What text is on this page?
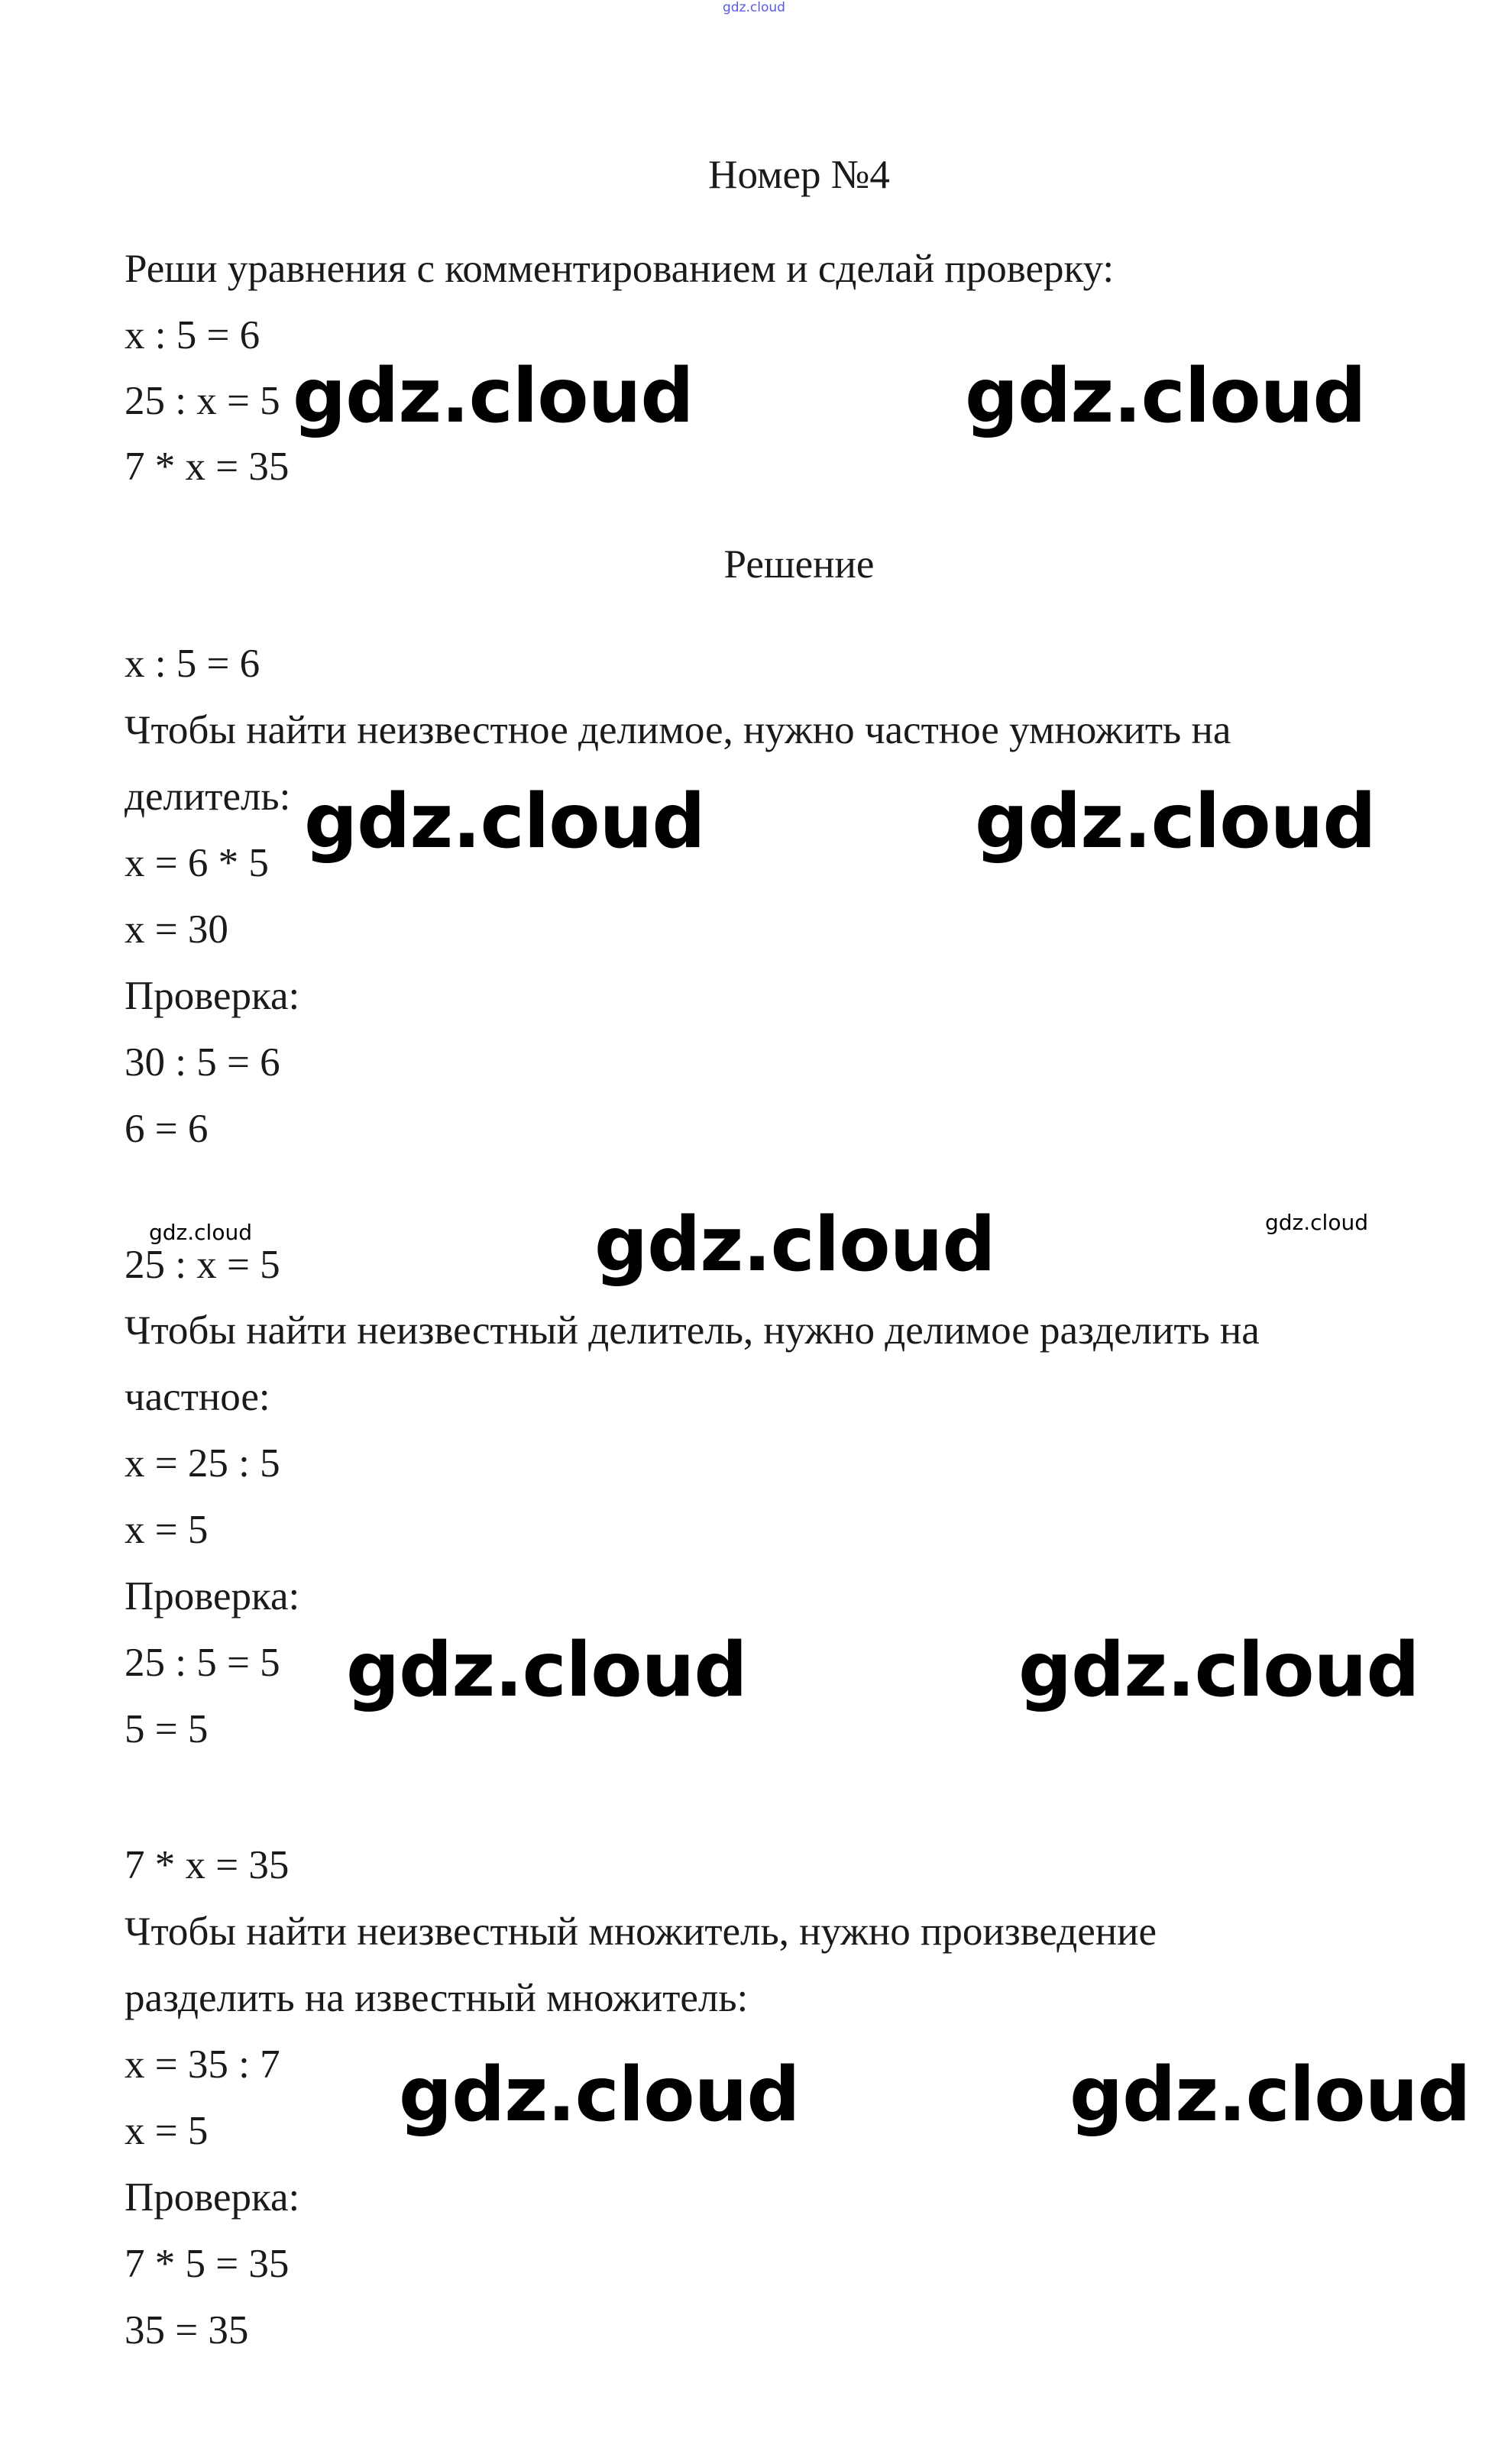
gdz.cloud
Номер №4
Реши уравнения с комментированием и сделай проверку:
x : 5 = 6
25 : x = 5
7 * x = 35
Решение
x : 5 = 6
Чтобы найти неизвестное делимое, нужно частное умножить на
делитель:
x = 6 * 5
x = 30
Проверка:
30 : 5 = 6
6 = 6
25 : x = 5
Чтобы найти неизвестный делитель, нужно делимое разделить на
частное:
x = 25 : 5
x = 5
Проверка:
25 : 5 = 5
5 = 5
7 * x = 35
Чтобы найти неизвестный множитель, нужно произведение
разделить на известный множитель:
x = 35 : 7
x = 5
Проверка:
7 * 5 = 35
35 = 35
gdz.cloud	gdz.cloud
gdz.cloud	gdz.cloud
gdz.cloud
gdz.cloud	gdz.cloud
gdz.cloud	gdz.cloud
gdz.cloud	gdz.cloud
